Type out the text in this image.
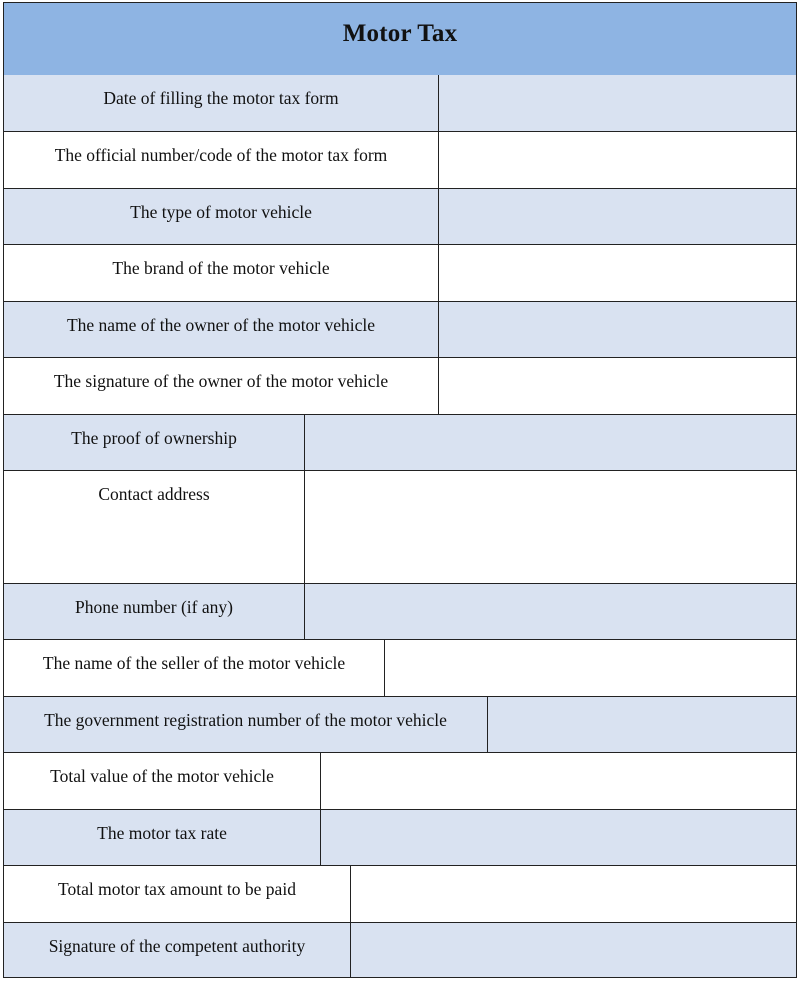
Motor Tax
Date of filling the motor tax form
The official number/code of the motor tax form
The type of motor vehicle
The brand of the motor vehicle
The name of the owner of the motor vehicle
The signature of the owner of the motor vehicle
The proof of ownership
Contact address
Phone number (if any)
The name of the seller of the motor vehicle
The government registration number of the motor vehicle
Total value of the motor vehicle
The motor tax rate
Total motor tax amount to be paid
Signature of the competent authority
